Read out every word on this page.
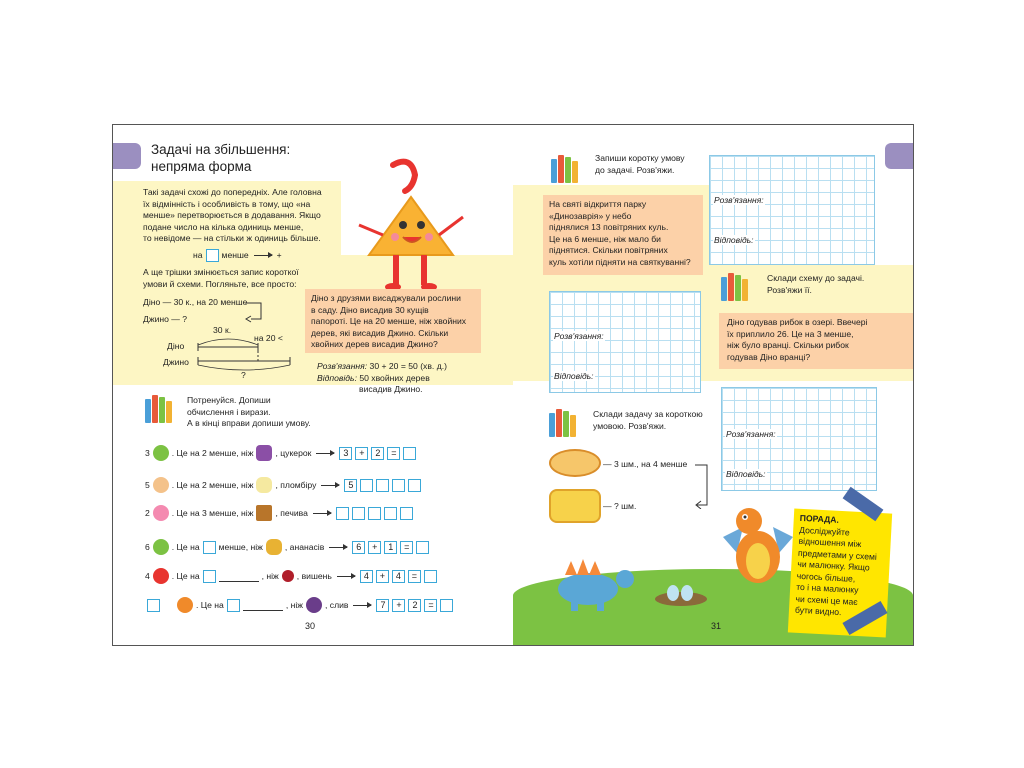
Задачі на збільшення:
непряма форма
Такі задачі схожі до попередніх. Але головна
їх відмінність і особливість в тому, що «на
менше» перетворюється в додавання. Якщо
подане число на кілька одиниць менше,
то невідоме — на стільки ж одиниць більше.
на менше	+
А ще трішки змінюється запис короткої
умови й схеми. Погляньте, все просто:
Діно — 30 к., на 20 менше
Джино — ?
30 к.
на 20 <
Діно
Джино
?
Діно з друзями висаджували рослини
в саду. Діно висадив 30 кущів
папороті. Це на 20 менше, ніж хвойних
дерев, які висадив Джино. Скільки
хвойних дерев висадив Джино?
Розв'язання: 30 + 20 = 50 (хв. д.)
Відповідь: 50 хвойних дерев
висадив Джино.
Потренуйся. Допиши
обчислення і вирази.
А в кінці вправи допиши умову.
3	. Це на 2 менше, ніж	, цукерок	3	+	2	=
5	. Це на 2 менше, ніж	, пломбіру	5
2	. Це на 3 менше, ніж	, печива
6	. Це на менше, ніж	, ананасів	6	+	1	=
4	. Це на	, ніж , вишень	4	+	4	=
. Це на	, ніж	, слив	7	+	2	=
30
Запиши коротку умову
до задачі. Розв'яжи.
На святі відкриття парку
«Динозаврія» у небо
піднялися 13 повітряних куль.
Це на 6 менше, ніж мало би
піднятися. Скільки повітряних
куль хотіли підняти на святкуванні?
Розв'язання:
Відповідь:
Розв'язання:
Відповідь:
Склади схему до задачі.
Розв'яжи її.
Діно годував рибок в озері. Ввечері
їх приплило 26. Це на 3 менше,
ніж було вранці. Скільки рибок
годував Діно вранці?
Склади задачу за короткою
умовою. Розв'яжи.
Розв'язання:
Відповідь:
— 3 шм., на 4 менше
— ? шм.
ПОРАДА.
Досліджуйте
відношення між
предметами у схемі
чи малюнку. Якщо
чогось більше,
то і на малюнку
чи схемі це має
бути видно.
31
